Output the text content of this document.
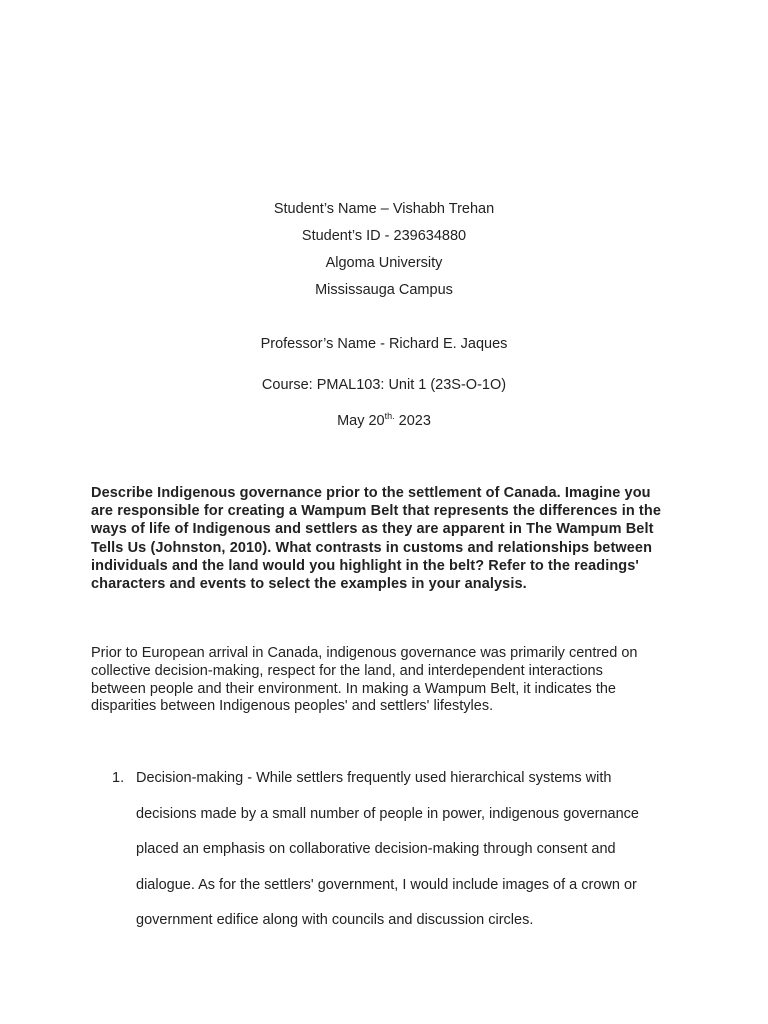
Student’s Name – Vishabh Trehan
Student’s ID - 239634880
Algoma University
Mississauga Campus
Professor’s Name - Richard E. Jaques
Course: PMAL103: Unit 1 (23S-O-1O)
May $20^{th.}$ 2023
Describe Indigenous governance prior to the settlement of Canada. Imagine you
are responsible for creating a Wampum Belt that represents the differences in the
ways of life of Indigenous and settlers as they are apparent in The Wampum Belt
Tells Us (Johnston, 2010). What contrasts in customs and relationships between
individuals and the land would you highlight in the belt? Refer to the readings'
characters and events to select the examples in your analysis.
Prior to European arrival in Canada, indigenous governance was primarily centred on
collective decision-making, respect for the land, and interdependent interactions
between people and their environment. In making a Wampum Belt, it indicates the
disparities between Indigenous peoples' and settlers' lifestyles.
1. Decision-making - While settlers frequently used hierarchical systems with
decisions made by a small number of people in power, indigenous governance
placed an emphasis on collaborative decision-making through consent and
dialogue. As for the settlers' government, I would include images of a crown or
government edifice along with councils and discussion circles.
